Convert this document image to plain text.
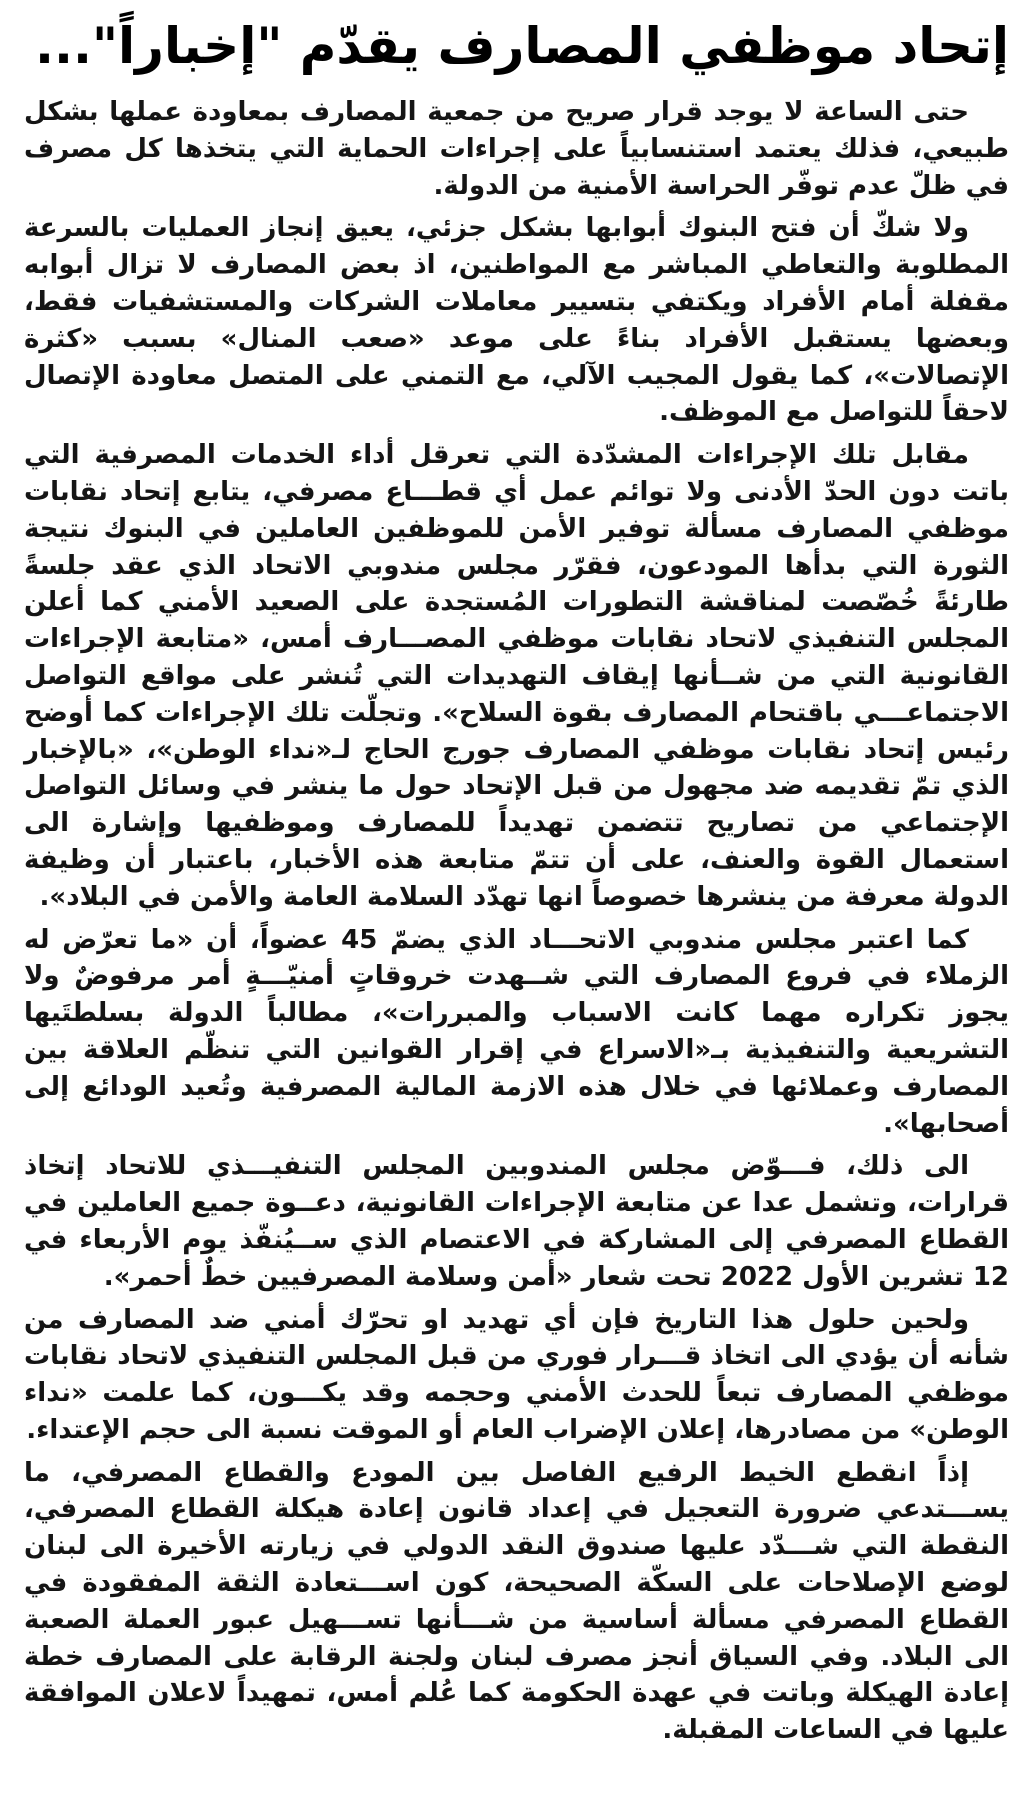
إتحاد موظفي المصارف يقدّم "إخباراً"...

حتى الساعة لا يوجد قرار صريح من جمعية المصارف بمعاودة عملها بشكل طبيعي، فذلك يعتمد استنسابياً على إجراءات الحماية التي يتخذها كل مصرف في ظلّ عدم توفّر الحراسة الأمنية من الدولة.

ولا شكّ أن فتح البنوك أبوابها بشكل جزئي، يعيق إنجاز العمليات بالسرعة المطلوبة والتعاطي المباشر مع المواطنين، اذ بعض المصارف لا تزال أبوابه مقفلة أمام الأفراد ويكتفي بتسيير معاملات الشركات والمستشفيات فقط، وبعضها يستقبل الأفراد بناءً على موعد «صعب المنال» بسبب «كثرة الإتصالات»، كما يقول المجيب الآلي، مع التمني على المتصل معاودة الإتصال لاحقاً للتواصل مع الموظف.

مقابل تلك الإجراءات المشدّدة التي تعرقل أداء الخدمات المصرفية التي باتت دون الحدّ الأدنى ولا توائم عمل أي قطـــاع مصرفي، يتابع إتحاد نقابات موظفي المصارف مسألة توفير الأمن للموظفين العاملين في البنوك نتيجة الثورة التي بدأها المودعون، فقرّر مجلس مندوبي الاتحاد الذي عقد جلسةً طارئةً خُصّصت لمناقشة التطورات المُستجدة على الصعيد الأمني كما أعلن المجلس التنفيذي لاتحاد نقابات موظفي المصـــارف أمس، «متابعة الإجراءات القانونية التي من شــأنها إيقاف التهديدات التي تُنشر على مواقع التواصل الاجتماعـــي باقتحام المصارف بقوة السلاح». وتجلّت تلك الإجراءات كما أوضح رئيس إتحاد نقابات موظفي المصارف جورج الحاج لـ«نداء الوطن»، «بالإخبار الذي تمّ تقديمه ضد مجهول من قبل الإتحاد حول ما ينشر في وسائل التواصل الإجتماعي من تصاريح تتضمن تهديداً للمصارف وموظفيها وإشارة الى استعمال القوة والعنف، على أن تتمّ متابعة هذه الأخبار، باعتبار أن وظيفة الدولة معرفة من ينشرها خصوصاً انها تهدّد السلامة العامة والأمن في البلاد».

كما اعتبر مجلس مندوبي الاتحـــاد الذي يضمّ 45 عضواً، أن «ما تعرّض له الزملاء في فروع المصارف التي شــهدت خروقاتٍ أمنيّـــةٍ أمر مرفوضٌ ولا يجوز تكراره مهما كانت الاسباب والمبررات»، مطالباً الدولة بسلطتَيها التشريعية والتنفيذية بـ«الاسراع في إقرار القوانين التي تنظّم العلاقة بين المصارف وعملائها في خلال هذه الازمة المالية المصرفية وتُعيد الودائع إلى أصحابها».

الى ذلك، فـــوّض مجلس المندوبين المجلس التنفيـــذي للاتحاد إتخاذ قرارات، وتشمل عدا عن متابعة الإجراءات القانونية، دعــوة جميع العاملين في القطاع المصرفي إلى المشاركة في الاعتصام الذي ســيُنفّذ يوم الأربعاء في 12 تشرين الأول 2022 تحت شعار «أمن وسلامة المصرفيين خطٌ أحمر».

ولحين حلول هذا التاريخ فإن أي تهديد او تحرّك أمني ضد المصارف من شأنه أن يؤدي الى اتخاذ قـــرار فوري من قبل المجلس التنفيذي لاتحاد نقابات موظفي المصارف تبعاً للحدث الأمني وحجمه وقد يكـــون، كما علمت «نداء الوطن» من مصادرها، إعلان الإضراب العام أو الموقت نسبة الى حجم الإعتداء.

إذاً انقطع الخيط الرفيع الفاصل بين المودع والقطاع المصرفي، ما يســـتدعي ضرورة التعجيل في إعداد قانون إعادة هيكلة القطاع المصرفي، النقطة التي شـــدّد عليها صندوق النقد الدولي في زيارته الأخيرة الى لبنان لوضع الإصلاحات على السكّة الصحيحة، كون اســـتعادة الثقة المفقودة في القطاع المصرفي مسألة أساسية من شـــأنها تســـهيل عبور العملة الصعبة الى البلاد. وفي السياق أنجز مصرف لبنان ولجنة الرقابة على المصارف خطة إعادة الهيكلة وباتت في عهدة الحكومة كما عُلم أمس، تمهيداً لاعلان الموافقة عليها في الساعات المقبلة.
